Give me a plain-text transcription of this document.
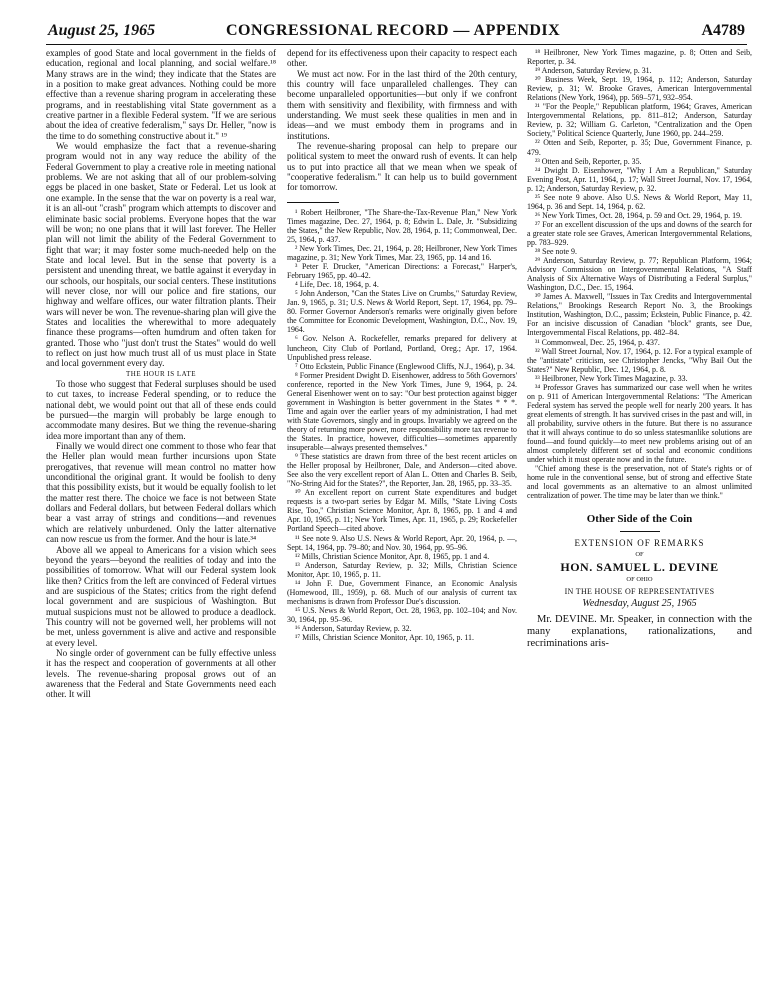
August 25, 1965	CONGRESSIONAL RECORD — APPENDIX	A4789

examples of good State and local government in the fields of education, regional and local planning, and social welfare.¹⁸ Many straws are in the wind; they indicate that the States are in a position to make great advances. Nothing could be more effective than a revenue sharing program in accelerating these programs, and in reestablishing vital State government as a creative partner in a flexible Federal system. "If we are serious about the idea of creative federalism," says Dr. Heller, "now is the time to do something constructive about it." ¹⁹

We would emphasize the fact that a revenue-sharing program would not in any way reduce the ability of the Federal Government to play a creative role in meeting national problems. We are not asking that all of our problem-solving eggs be placed in one basket, State or Federal. Let us look at one example. In the sense that the war on poverty is a real war, it is an all-out "crash" program which attempts to discover and eliminate basic social problems. Everyone hopes that the war will be won; no one plans that it will last forever. The Heller plan will not limit the ability of the Federal Government to fight that war; it may foster some much-needed help on the State and local level. But in the sense that poverty is a persistent and unending threat, we battle against it everyday in our schools, our hospitals, our social centers. These institutions will never close, nor will our police and fire stations, our highway and welfare offices, our water filtration plants. Their wars will never be won. The revenue-sharing plan will give the States and localities the wherewithal to more adequately finance these programs—often humdrum and often taken for granted. Those who "just don't trust the States" would do well to reflect on just how much trust all of us must place in State and local government every day.

THE HOUR IS LATE

To those who suggest that Federal surpluses should be used to cut taxes, to increase Federal spending, or to reduce the national debt, we would point out that all of these ends could be pursued—the margin will probably be large enough to accommodate many desires. But we thing the revenue-sharing idea more important than any of them.

Finally we would direct one comment to those who fear that the Heller plan would mean further incursions upon State prerogatives, that revenue will mean control no matter how unconditional the original grant. It would be foolish to deny that this possibility exists, but it would be equally foolish to let the matter rest there. The choice we face is not between State dollars and Federal dollars, but between Federal dollars which bear a vast array of strings and conditions—and revenues which are relatively unburdened. Only the latter alternative can now rescue us from the former. And the hour is late.³⁴

Above all we appeal to Americans for a vision which sees beyond the years—beyond the realities of today and into the possibilities of tomorrow. What will our Federal system look like then? Critics from the left are convinced of Federal virtues and are suspicious of the States; critics from the right defend local government and are suspicious of Washington. But mutual suspicions must not be allowed to produce a deadlock. This country will not be governed well, her problems will not be met, unless government is alive and active and responsible at every level.

No single order of government can be fully effective unless it has the respect and cooperation of governments at all other levels. The revenue-sharing proposal grows out of an awareness that the Federal and State Governments need each other. It will

depend for its effectiveness upon their capacity to respect each other.

We must act now. For in the last third of the 20th century, this country will face unparalleled challenges. They can become unparalleled opportunities—but only if we confront them with sensitivity and flexibility, with firmness and with understanding. We must seek these qualities in men and in ideas—and we must embody them in programs and in institutions.

The revenue-sharing proposal can help to prepare our political system to meet the onward rush of events. It can help us to put into practice all that we mean when we speak of "cooperative federalism." It can help us to build government for tomorrow.

¹ Robert Heilbroner, "The Share-the-Tax-Revenue Plan," New York Times magazine, Dec. 27, 1964, p. 8; Edwin L. Dale, Jr. "Subsidizing the States," the New Republic, Nov. 28, 1964, p. 11; Commonweal, Dec. 25, 1964, p. 437.

² New York Times, Dec. 21, 1964, p. 28; Heilbroner, New York Times magazine, p. 31; New York Times, Mar. 23, 1965, pp. 14 and 16.

³ Peter F. Drucker, "American Directions: a Forecast," Harper's, February 1965, pp. 40–42.

⁴ Life, Dec. 18, 1964, p. 4.

⁵ John Anderson, "Can the States Live on Crumbs," Saturday Review, Jan. 9, 1965, p. 31; U.S. News & World Report, Sept. 17, 1964, pp. 79–80. Former Governor Anderson's remarks were originally given before the Committee for Economic Development, Washington, D.C., Nov. 19, 1964.

⁶ Gov. Nelson A. Rockefeller, remarks prepared for delivery at luncheon, City Club of Portland, Portland, Oreg.; Apr. 17, 1964. Unpublished press release.

⁷ Otto Eckstein, Public Finance (Englewood Cliffs, N.J., 1964), p. 34.

⁸ Former President Dwight D. Eisenhower, address to 56th Governors' conference, reported in the New York Times, June 9, 1964, p. 24. General Eisenhower went on to say: "Our best protection against bigger government in Washington is better government in the States * * *. Time and again over the earlier years of my administration, I had met with State Governors, singly and in groups. Invariably we agreed on the theory of returning more power, more responsibility more tax revenue to the States. In practice, however, difficulties—sometimes apparently insuperable—always presented themselves."

⁹ These statistics are drawn from three of the best recent articles on the Heller proposal by Heilbroner, Dale, and Anderson—cited above. See also the very excellent report of Alan L. Otten and Charles B. Seib, "No-String Aid for the States?", the Reporter, Jan. 28, 1965, pp. 33–35.

¹⁰ An excellent report on current State expenditures and budget requests is a two-part series by Edgar M. Mills, "State Living Costs Rise, Too," Christian Science Monitor, Apr. 8, 1965, pp. 1 and 4 and Apr. 10, 1965, p. 11; New York Times, Apr. 11, 1965, p. 29; Rockefeller Portland Speech—cited above.

¹¹ See note 9. Also U.S. News & World Report, Apr. 20, 1964, p. —, Sept. 14, 1964, pp. 79–80; and Nov. 30, 1964, pp. 95–96.

¹² Mills, Christian Science Monitor, Apr. 8, 1965, pp. 1 and 4.

¹³ Anderson, Saturday Review, p. 32; Mills, Christian Science Monitor, Apr. 10, 1965, p. 11.

¹⁴ John F. Due, Government Finance, an Economic Analysis (Homewood, Ill., 1959), p. 68. Much of our analysis of current tax mechanisms is drawn from Professor Due's discussion.

¹⁵ U.S. News & World Report, Oct. 28, 1963, pp. 102–104; and Nov. 30, 1964, pp. 95–96.

¹⁶ Anderson, Saturday Review, p. 32.

¹⁷ Mills, Christian Science Monitor, Apr. 10, 1965, p. 11.

¹⁸ Heilbroner, New York Times magazine, p. 8; Otten and Seib, Reporter, p. 34.

¹⁹ Anderson, Saturday Review, p. 31.

²⁰ Business Week, Sept. 19, 1964, p. 112; Anderson, Saturday Review, p. 31; W. Brooke Graves, American Intergovernmental Relations (New York, 1964), pp. 569–571, 932–954.

²¹ "For the People," Republican platform, 1964; Graves, American Intergovernmental Relations, pp. 811–812; Anderson, Saturday Review, p. 32; William G. Carleton, "Centralization and the Open Society," Political Science Quarterly, June 1960, pp. 244–259.

²² Otten and Seib, Reporter, p. 35; Due, Government Finance, p. 479.

²³ Otten and Seib, Reporter, p. 35.

²⁴ Dwight D. Eisenhower, "Why I Am a Republican," Saturday Evening Post, Apr. 11, 1964, p. 17; Wall Street Journal, Nov. 17, 1964, p. 12; Anderson, Saturday Review, p. 32.

²⁵ See note 9 above. Also U.S. News & World Report, May 11, 1964, p. 36 and Sept. 14, 1964, p. 62.

²⁶ New York Times, Oct. 28, 1964, p. 59 and Oct. 29, 1964, p. 19.

²⁷ For an excellent discussion of the ups and downs of the search for a greater state role see Graves, American Intergovernmental Relations, pp. 783–929.

²⁸ See note 9.

²⁹ Anderson, Saturday Review, p. 77; Republican Platform, 1964; Advisory Commission on Intergovernmental Relations, "A Staff Analysis of Six Alternative Ways of Distributing a Federal Surplus," Washington, D.C., Dec. 15, 1964.

³⁰ James A. Maxwell, "Issues in Tax Credits and Intergovernmental Relations," Brookings Research Report No. 3, the Brookings Institution, Washington, D.C., passim; Eckstein, Public Finance, p. 42. For an incisive discussion of Canadian "block" grants, see Due, Intergovernmental Fiscal Relations, pp. 482–84.

³¹ Commonweal, Dec. 25, 1964, p. 437.

³² Wall Street Journal, Nov. 17, 1964, p. 12. For a typical example of the "antistate" criticism, see Christopher Jencks, "Why Bail Out the States?" New Republic, Dec. 12, 1964, p. 8.

³³ Heilbroner, New York Times Magazine, p. 33.

³⁴ Professor Graves has summarized our case well when he writes on p. 911 of American Intergovernmental Relations: "The American Federal system has served the people well for nearly 200 years. It has great elements of strength. It has survived crises in the past and will, in all probability, survive others in the future. But there is no assurance that it will always continue to do so unless statesmanlike solutions are found—and found quickly—to meet new problems arising out of an almost completely different set of social and economic conditions under which it must operate now and in the future.

"Chief among these is the preservation, not of State's rights or of home rule in the conventional sense, but of strong and effective State and local governments as an alternative to an almost unlimited centralization of power. The time may be later than we think."

Other Side of the Coin
EXTENSION OF REMARKS
OF
HON. SAMUEL L. DEVINE
OF OHIO
IN THE HOUSE OF REPRESENTATIVES
Wednesday, August 25, 1965

Mr. DEVINE. Mr. Speaker, in connection with the many explanations, rationalizations, and recriminations aris-
